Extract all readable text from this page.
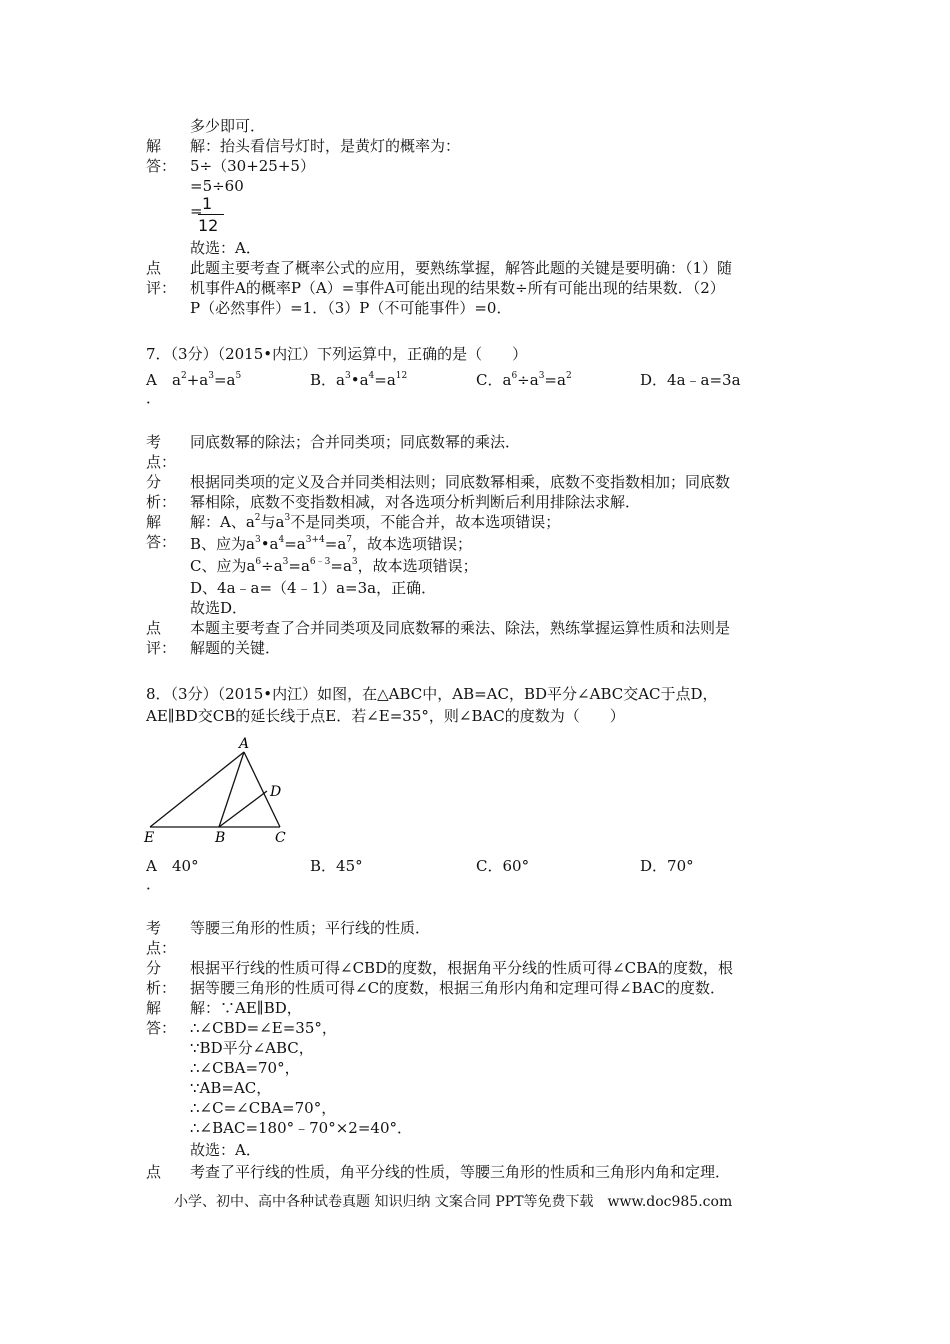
多少即可．
解
答：
解：抬头看信号灯时，是黄灯的概率为：
5÷（30+25+5）
=5÷60
= 1
12
故选：A．
点
评：
此题主要考查了概率公式的应用，要熟练掌握，解答此题的关键是要明确：（1）随
机事件A的概率P（A）=事件A可能出现的结果数÷所有可能出现的结果数．（2）
P（必然事件）=1．（3）P（不可能事件）=0．
7．（3分）（2015•内江）下列运算中，正确的是（　　）
A
．
$a^2+a^3=a^5$	B．$a^3•a^4=a^{12}$	C．$a^6\div a^3=a^2$	D．4a﹣a=3a
考
点：
同底数幂的除法；合并同类项；同底数幂的乘法．
分
析：
根据同类项的定义及合并同类相法则；同底数幂相乘，底数不变指数相加；同底数
幂相除，底数不变指数相减，对各选项分析判断后利用排除法求解．
解
答：
解：A、$a^2$与$a^3$不是同类项，不能合并，故本选项错误；
B、应为$a^3•a^4=a^{3+4}=a^7$，故本选项错误；
C、应为$a^6\div a^3=a^{6﹣3}=a^3$，故本选项错误；
D、4a﹣a=（4﹣1）a=3a，正确．
故选D．
点
评：
本题主要考查了合并同类项及同底数幂的乘法、除法，熟练掌握运算性质和法则是
解题的关键．
8．（3分）（2015•内江）如图，在△ABC中，AB=AC，BD平分∠ABC交AC于点D，
AE∥BD交CB的延长线于点E．若∠E=35°，则∠BAC的度数为（　　）
A
D
E	B	C
A
．
40°	B．45°	C．60°	D．70°
考
点：
等腰三角形的性质；平行线的性质．
分
析：
根据平行线的性质可得∠CBD的度数，根据角平分线的性质可得∠CBA的度数，根
据等腰三角形的性质可得∠C的度数，根据三角形内角和定理可得∠BAC的度数．
解
答：
解：∵AE∥BD，
∴∠CBD=∠E=35°，
∵BD平分∠ABC，
∴∠CBA=70°，
∵AB=AC，
∴∠C=∠CBA=70°，
∴∠BAC=180°﹣70°×2=40°．
故选：A．
点 考查了平行线的性质，角平分线的性质，等腰三角形的性质和三角形内角和定理．
小学、初中、高中各种试卷真题 知识归纳 文案合同 PPT等免费下载　www.doc985.com
